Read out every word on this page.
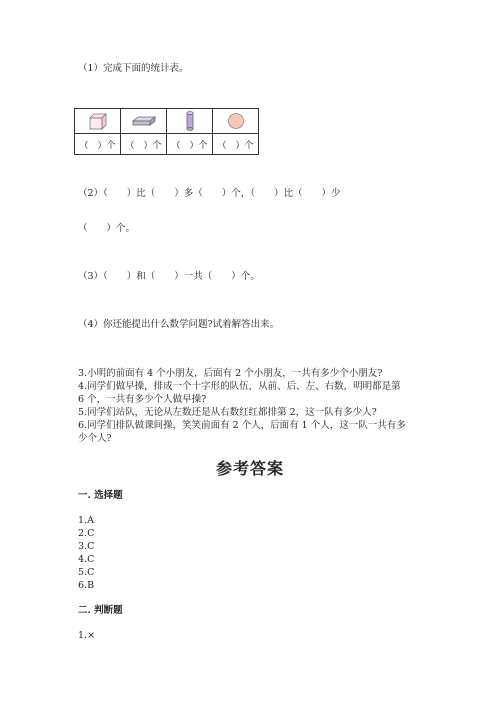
（1）完成下面的统计表。

（　）个	（　）个	（　）个	（　）个
（2）（　　）比（　　）多（　　）个，（　　）比（　　）少
（　　）个。
（3）（　　）和（　　）一共（　　）个。
（4）你还能提出什么数学问题?试着解答出来。
3.小明的前面有 4 个小朋友，后面有 2 个小朋友，一共有多少个小朋友?
4.同学们做早操，排成一个十字形的队伍，从前、后、左、右数，明明都是第
6 个，一共有多少个人做早操?
5.同学们站队，无论从左数还是从右数红红都排第 2，这一队有多少人?
6.同学们排队做课间操，笑笑前面有 2 个人，后面有 1 个人，这一队一共有多
少个人?
参考答案
一. 选择题
1.A
2.C
3.C
4.C
5.C
6.B
二. 判断题
1.×
